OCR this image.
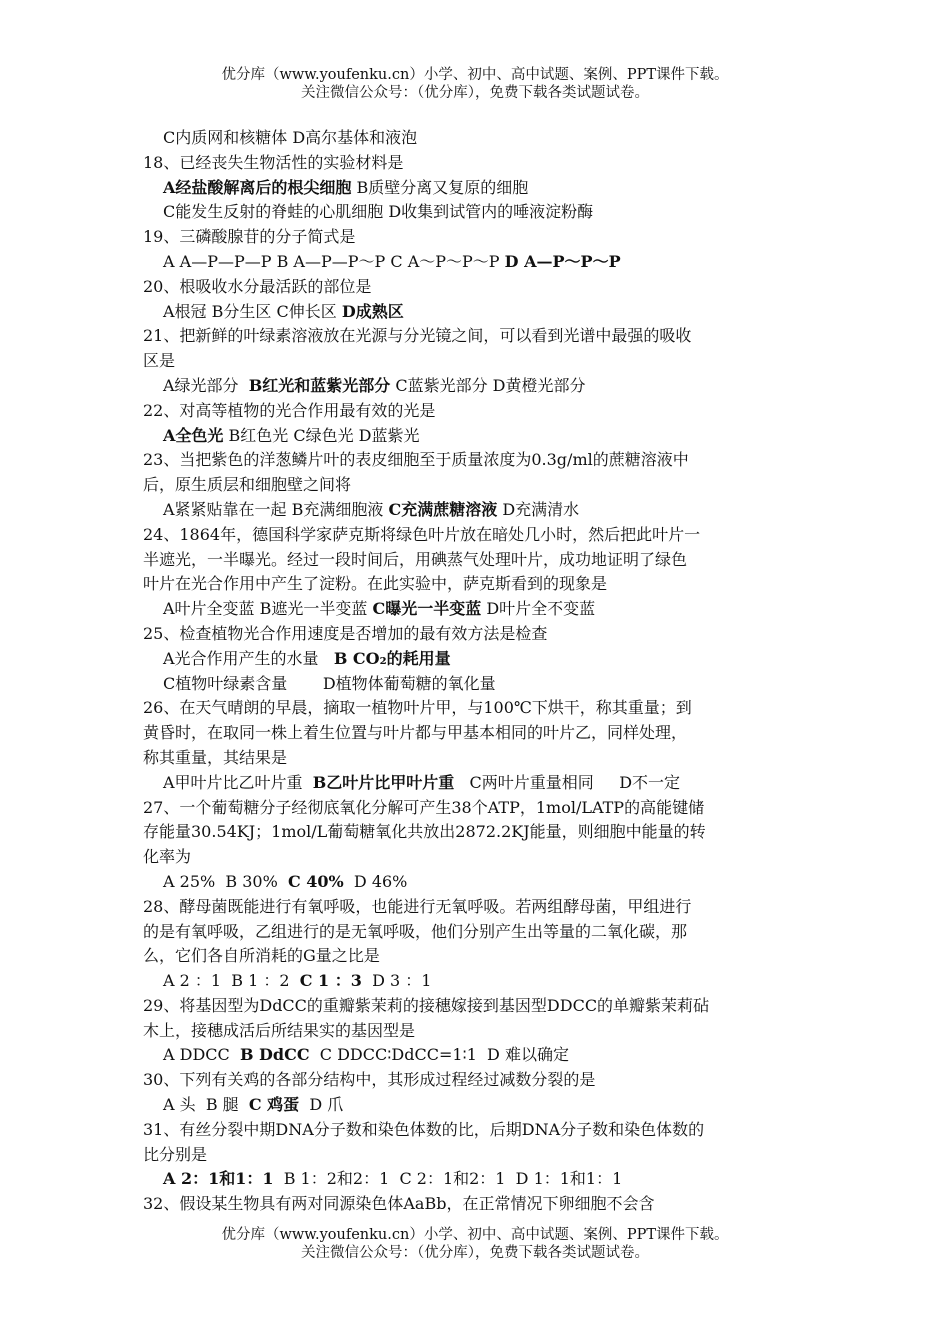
优分库（www.youfenku.cn）小学、初中、高中试题、案例、PPT课件下载。
关注微信公众号：（优分库），免费下载各类试题试卷。
C内质网和核糖体 D高尔基体和液泡
18、已经丧失生物活性的实验材料是
A经盐酸解离后的根尖细胞 B质壁分离又复原的细胞
C能发生反射的脊蛙的心肌细胞 D收集到试管内的唾液淀粉酶
19、三磷酸腺苷的分子简式是
A A—P—P—P B A—P—P～P C A～P～P～P D A—P～P～P
20、根吸收水分最活跃的部位是
A根冠 B分生区 C伸长区 D成熟区
21、把新鲜的叶绿素溶液放在光源与分光镜之间，可以看到光谱中最强的吸收
区是
A绿光部分  B红光和蓝紫光部分 C蓝紫光部分 D黄橙光部分
22、对高等植物的光合作用最有效的光是
A全色光 B红色光 C绿色光 D蓝紫光
23、当把紫色的洋葱鳞片叶的表皮细胞至于质量浓度为0.3g/ml的蔗糖溶液中
后，原生质层和细胞壁之间将
A紧紧贴靠在一起 B充满细胞液 C充满蔗糖溶液 D充满清水
24、1864年，德国科学家萨克斯将绿色叶片放在暗处几小时，然后把此叶片一
半遮光，一半曝光。经过一段时间后，用碘蒸气处理叶片，成功地证明了绿色
叶片在光合作用中产生了淀粉。在此实验中，萨克斯看到的现象是
A叶片全变蓝 B遮光一半变蓝 C曝光一半变蓝 D叶片全不变蓝
25、检查植物光合作用速度是否增加的最有效方法是检查
A光合作用产生的水量   B CO₂的耗用量
C植物叶绿素含量       D植物体葡萄糖的氧化量
26、在天气晴朗的早晨，摘取一植物叶片甲，与100℃下烘干，称其重量；到
黄昏时，在取同一株上着生位置与叶片都与甲基本相同的叶片乙，同样处理，
称其重量，其结果是
A甲叶片比乙叶片重  B乙叶片比甲叶片重   C两叶片重量相同     D不一定
27、一个葡萄糖分子经彻底氧化分解可产生38个ATP，1mol/LATP的高能键储
存能量30.54KJ；1mol/L葡萄糖氧化共放出2872.2KJ能量，则细胞中能量的转
化率为
A 25%  B 30%  C 40%  D 46%
28、酵母菌既能进行有氧呼吸，也能进行无氧呼吸。若两组酵母菌，甲组进行
的是有氧呼吸，乙组进行的是无氧呼吸，他们分别产生出等量的二氧化碳，那
么，它们各自所消耗的G量之比是
A 2 ：1  B 1 ：2  C 1 ：3  D 3 ：1
29、将基因型为DdCC的重瓣紫茉莉的接穗嫁接到基因型DDCC的单瓣紫茉莉砧
木上，接穗成活后所结果实的基因型是
A DDCC  B DdCC  C DDCC∶DdCC=1∶1  D 难以确定
30、下列有关鸡的各部分结构中，其形成过程经过减数分裂的是
A 头  B 腿  C 鸡蛋  D 爪
31、有丝分裂中期DNA分子数和染色体数的比，后期DNA分子数和染色体数的
比分别是
A 2：1和1：1  B 1：2和2：1  C 2：1和2：1  D 1：1和1：1
32、假设某生物具有两对同源染色体AaBb，在正常情况下卵细胞不会含
优分库（www.youfenku.cn）小学、初中、高中试题、案例、PPT课件下载。
关注微信公众号：（优分库），免费下载各类试题试卷。
